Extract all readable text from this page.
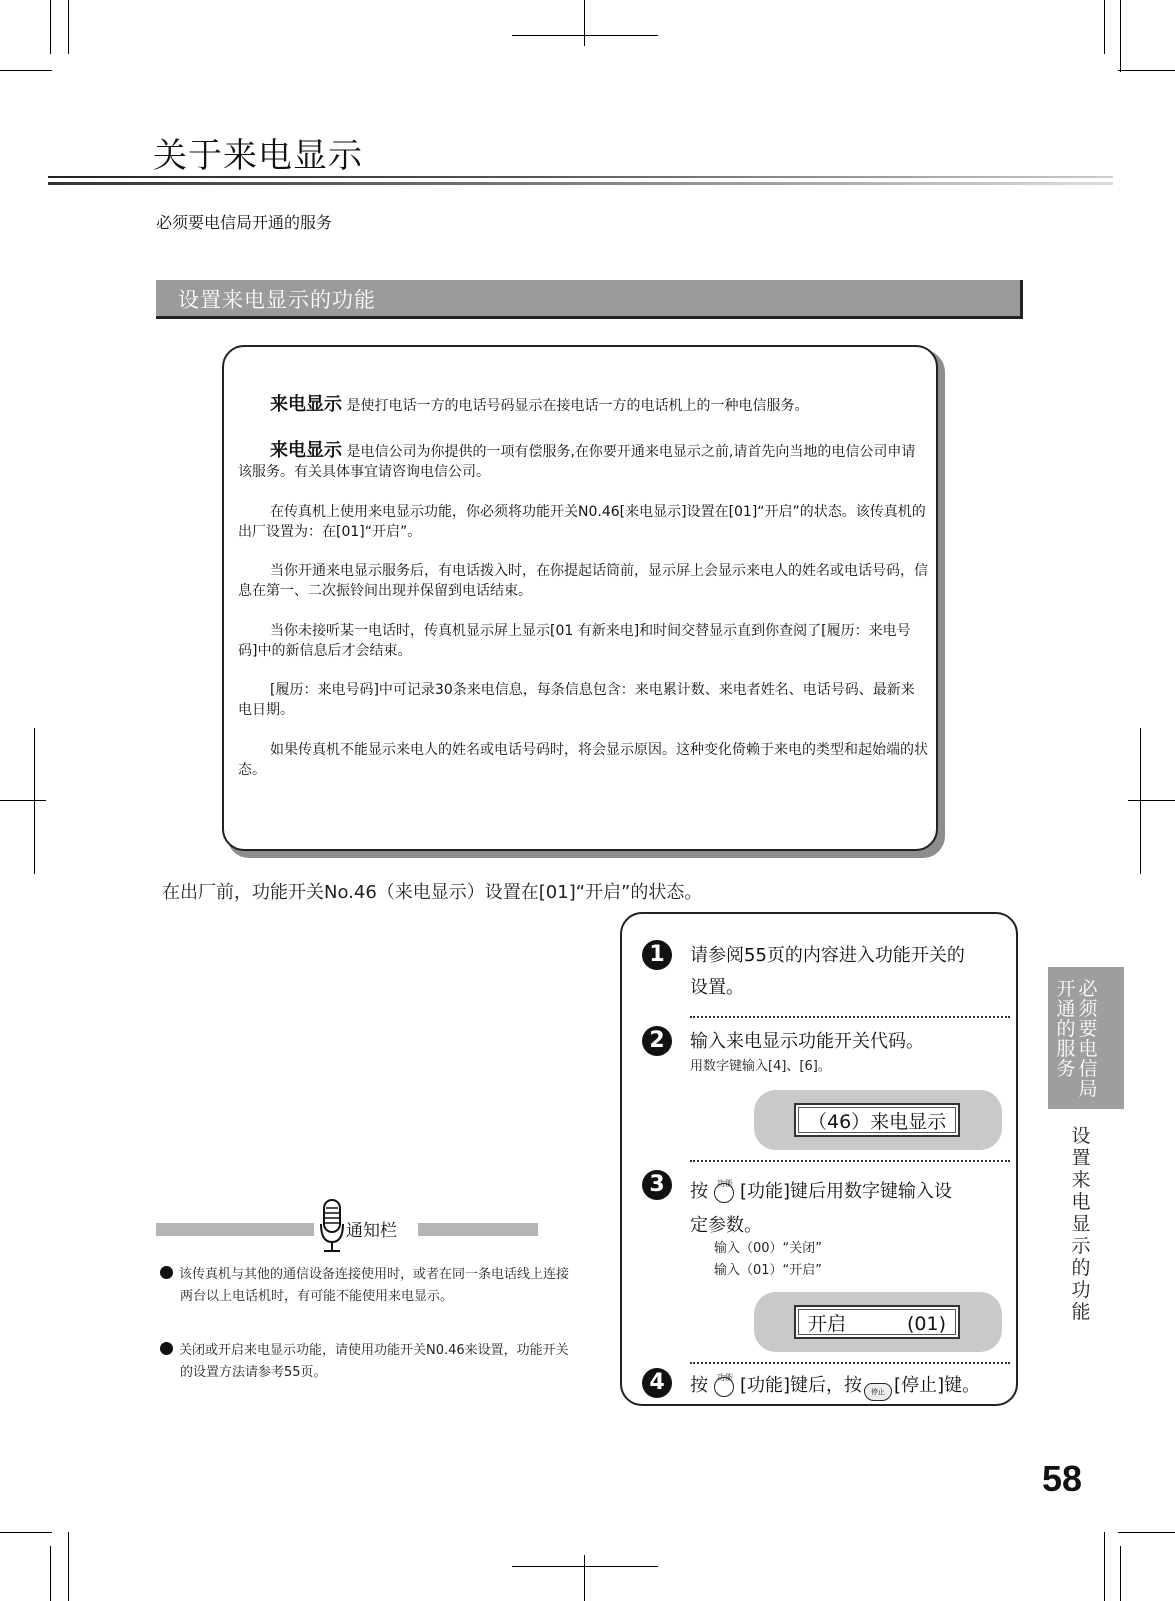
关于来电显示
必须要电信局开通的服务
设置来电显示的功能
来电显示 是使打电话一方的电话号码显示在接电话一方的电话机上的一种电信服务。
来电显示 是电信公司为你提供的一项有偿服务,在你要开通来电显示之前,请首先向当地的电信公司申请该服务。有关具体事宜请咨询电信公司。
在传真机上使用来电显示功能，你必须将功能开关N0.46[来电显示]设置在[01]“开启”的状态。该传真机的出厂设置为：在[01]“开启”。
当你开通来电显示服务后，有电话拨入时，在你提起话筒前，显示屏上会显示来电人的姓名或电话号码，信息在第一、二次振铃间出现并保留到电话结束。
当你未接听某一电话时，传真机显示屏上显示[01 有新来电]和时间交替显示直到你查阅了[履历：来电号码]中的新信息后才会结束。
[履历：来电号码]中可记录30条来电信息，每条信息包含：来电累计数、来电者姓名、电话号码、最新来电日期。
如果传真机不能显示来电人的姓名或电话号码时，将会显示原因。这种变化倚赖于来电的类型和起始端的状态。
在出厂前，功能开关No.46（来电显示）设置在[01]“开启”的状态。
1	请参阅55页的内容进入功能开关的
设置。
2	输入来电显示功能开关代码。
用数字键输入[4]、[6]。
（46）来电显示
3	按	功能 [功能]键后用数字键输入设
定参数。
输入（00）“关闭”
输入（01）“开启”
开启	(01)
4	按	功能 [功能]键后，按 停止 [停止]键。
通知栏
该传真机与其他的通信设备连接使用时，或者在同一条电话线上连接两台以上电话机时，有可能不能使用来电显示。
关闭或开启来电显示功能，请使用功能开关N0.46来设置，功能开关的设置方法请参考55页。
开通的服务
必须要电信局
设置来电显示的功能
58
